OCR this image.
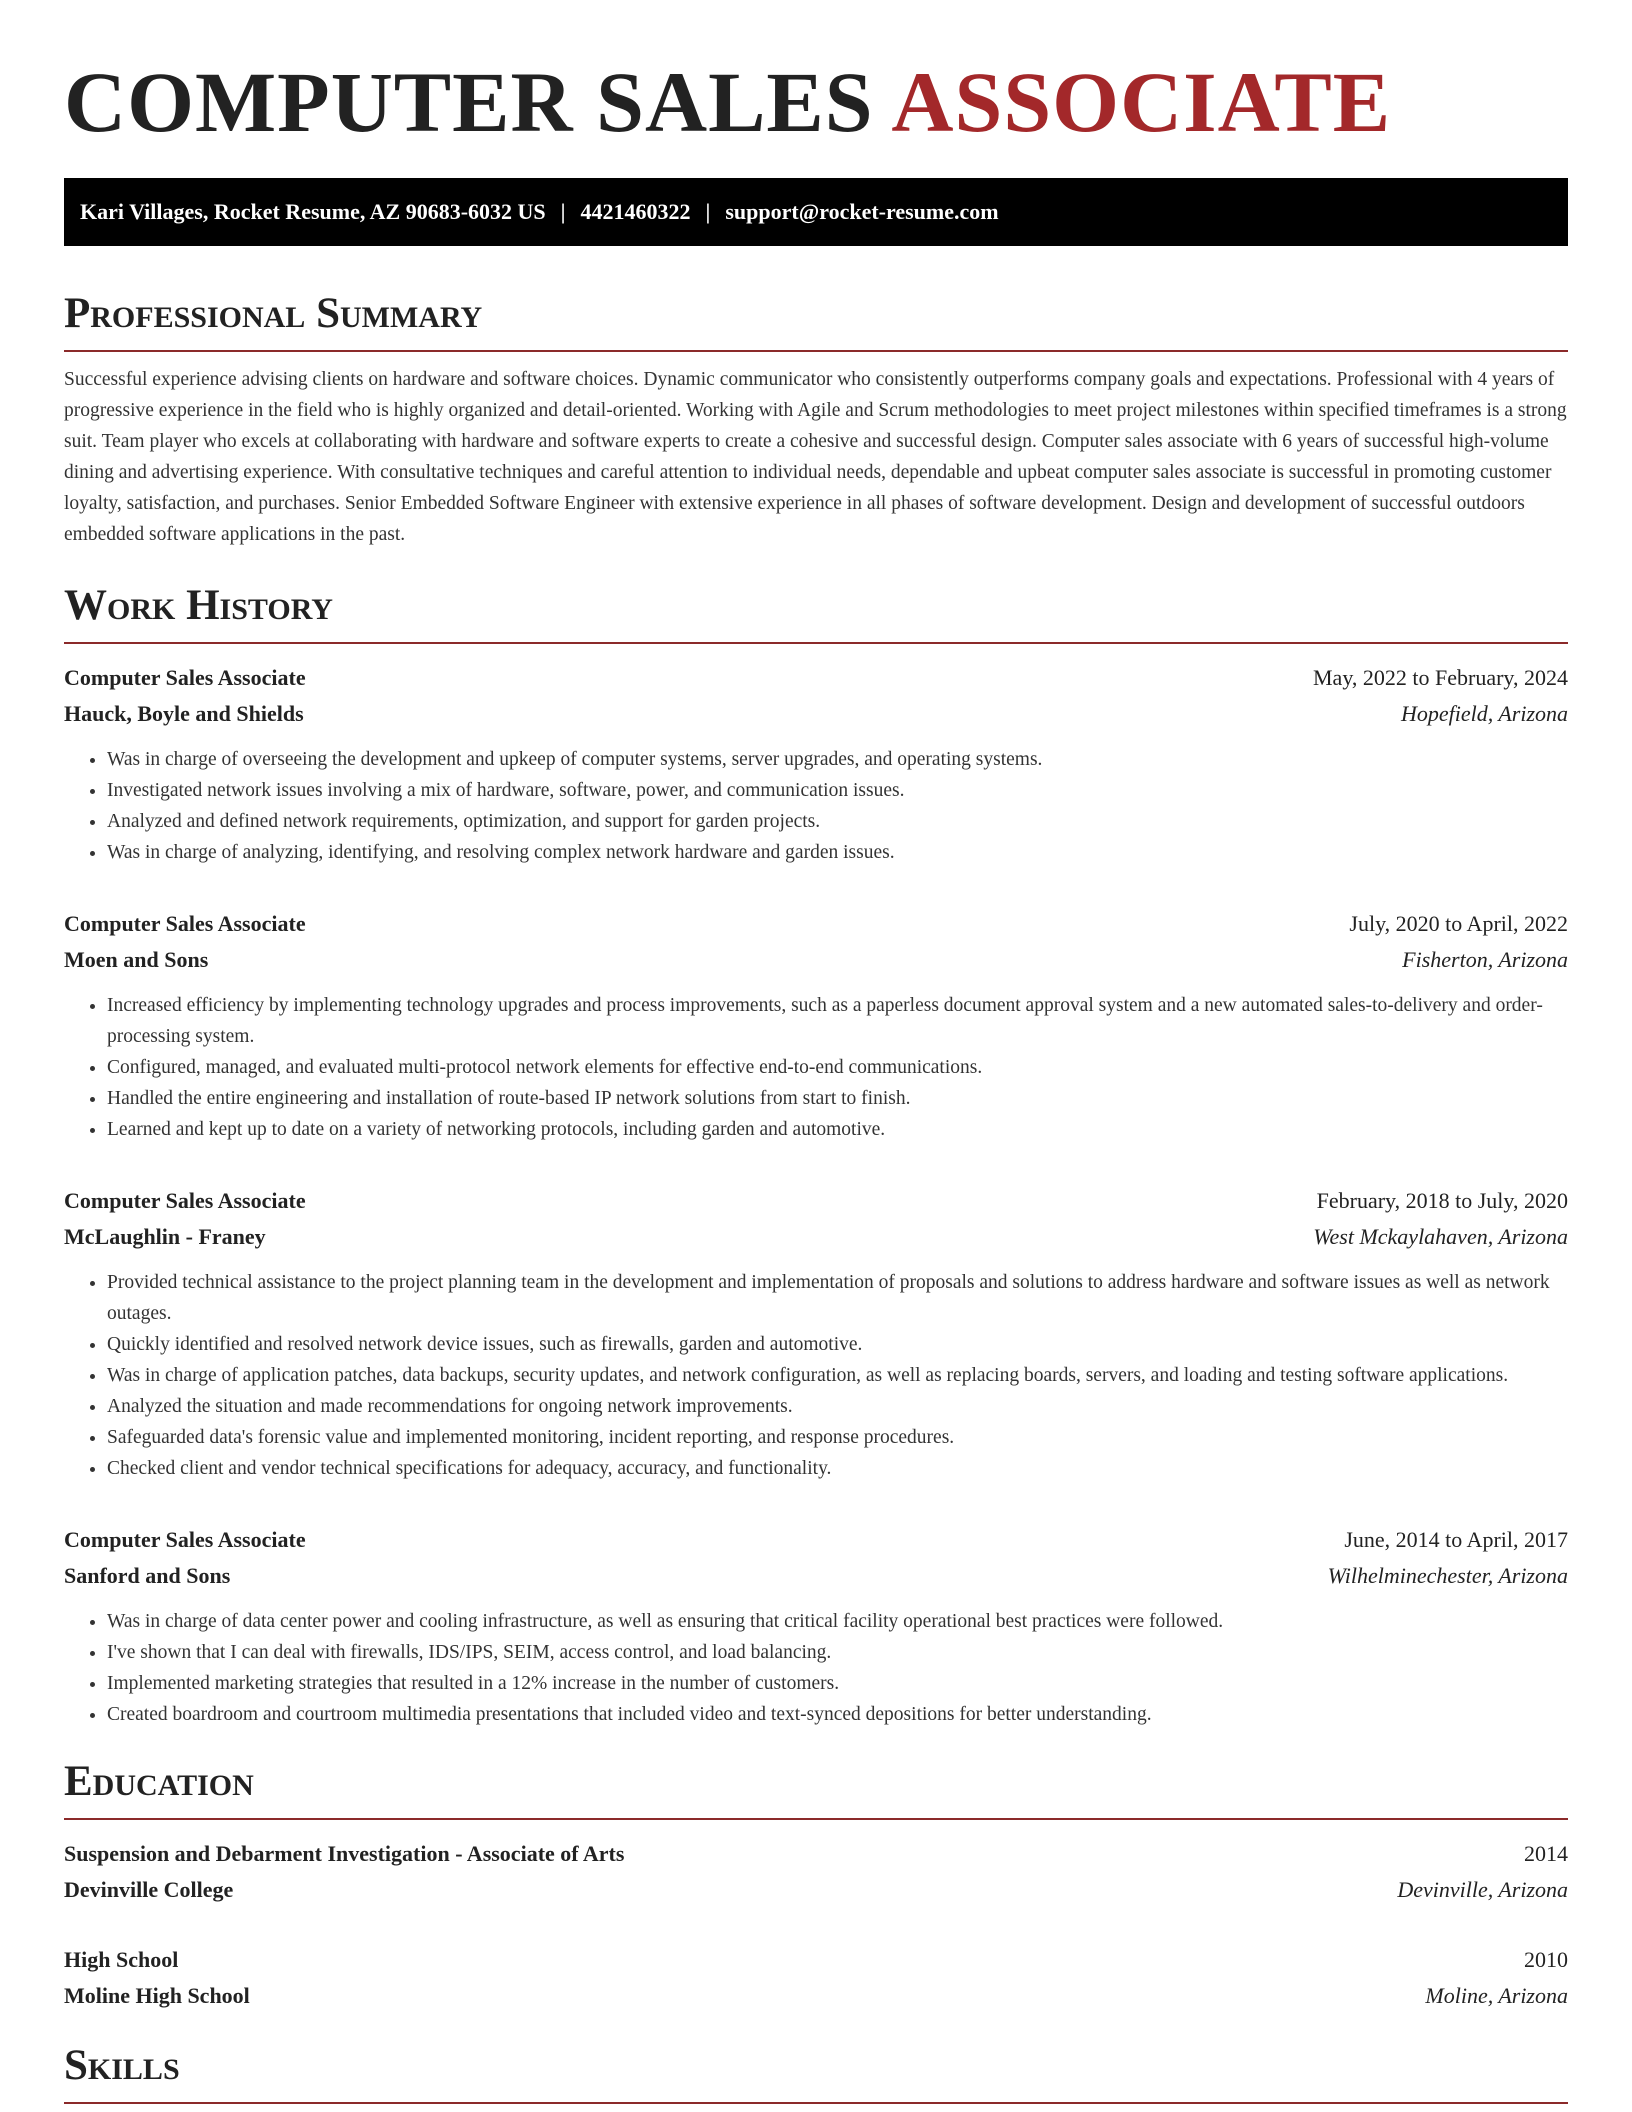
COMPUTER SALES ASSOCIATE
Kari Villages, Rocket Resume, AZ 90683-6032 US | 4421460322 | support@rocket-resume.com
Professional Summary

Successful experience advising clients on hardware and software choices. Dynamic communicator who consistently outperforms company goals and expectations. Professional with 4 years of progressive experience in the field who is highly organized and detail-oriented. Working with Agile and Scrum methodologies to meet project milestones within specified timeframes is a strong suit. Team player who excels at collaborating with hardware and software experts to create a cohesive and successful design. Computer sales associate with 6 years of successful high-volume dining and advertising experience. With consultative techniques and careful attention to individual needs, dependable and upbeat computer sales associate is successful in promoting customer loyalty, satisfaction, and purchases. Senior Embedded Software Engineer with extensive experience in all phases of software development. Design and development of successful outdoors embedded software applications in the past.

Work History
Computer Sales Associate	May, 2022 to February, 2024
Hauck, Boyle and Shields	Hopefield, Arizona
• Was in charge of overseeing the development and upkeep of computer systems, server upgrades, and operating systems.
• Investigated network issues involving a mix of hardware, software, power, and communication issues.
• Analyzed and defined network requirements, optimization, and support for garden projects.
• Was in charge of analyzing, identifying, and resolving complex network hardware and garden issues.
Computer Sales Associate	July, 2020 to April, 2022
Moen and Sons	Fisherton, Arizona
• Increased efficiency by implementing technology upgrades and process improvements, such as a paperless document approval system and a new automated sales-to-delivery and order-processing system.
• Configured, managed, and evaluated multi-protocol network elements for effective end-to-end communications.
• Handled the entire engineering and installation of route-based IP network solutions from start to finish.
• Learned and kept up to date on a variety of networking protocols, including garden and automotive.
Computer Sales Associate	February, 2018 to July, 2020
McLaughlin - Franey	West Mckaylahaven, Arizona
• Provided technical assistance to the project planning team in the development and implementation of proposals and solutions to address hardware and software issues as well as network outages.
• Quickly identified and resolved network device issues, such as firewalls, garden and automotive.
• Was in charge of application patches, data backups, security updates, and network configuration, as well as replacing boards, servers, and loading and testing software applications.
• Analyzed the situation and made recommendations for ongoing network improvements.
• Safeguarded data's forensic value and implemented monitoring, incident reporting, and response procedures.
• Checked client and vendor technical specifications for adequacy, accuracy, and functionality.
Computer Sales Associate	June, 2014 to April, 2017
Sanford and Sons	Wilhelminechester, Arizona
• Was in charge of data center power and cooling infrastructure, as well as ensuring that critical facility operational best practices were followed.
• I've shown that I can deal with firewalls, IDS/IPS, SEIM, access control, and load balancing.
• Implemented marketing strategies that resulted in a 12% increase in the number of customers.
• Created boardroom and courtroom multimedia presentations that included video and text-synced depositions for better understanding.
Education
Suspension and Debarment Investigation - Associate of Arts	2014
Devinville College	Devinville, Arizona
High School	2010
Moline High School	Moline, Arizona
Skills
